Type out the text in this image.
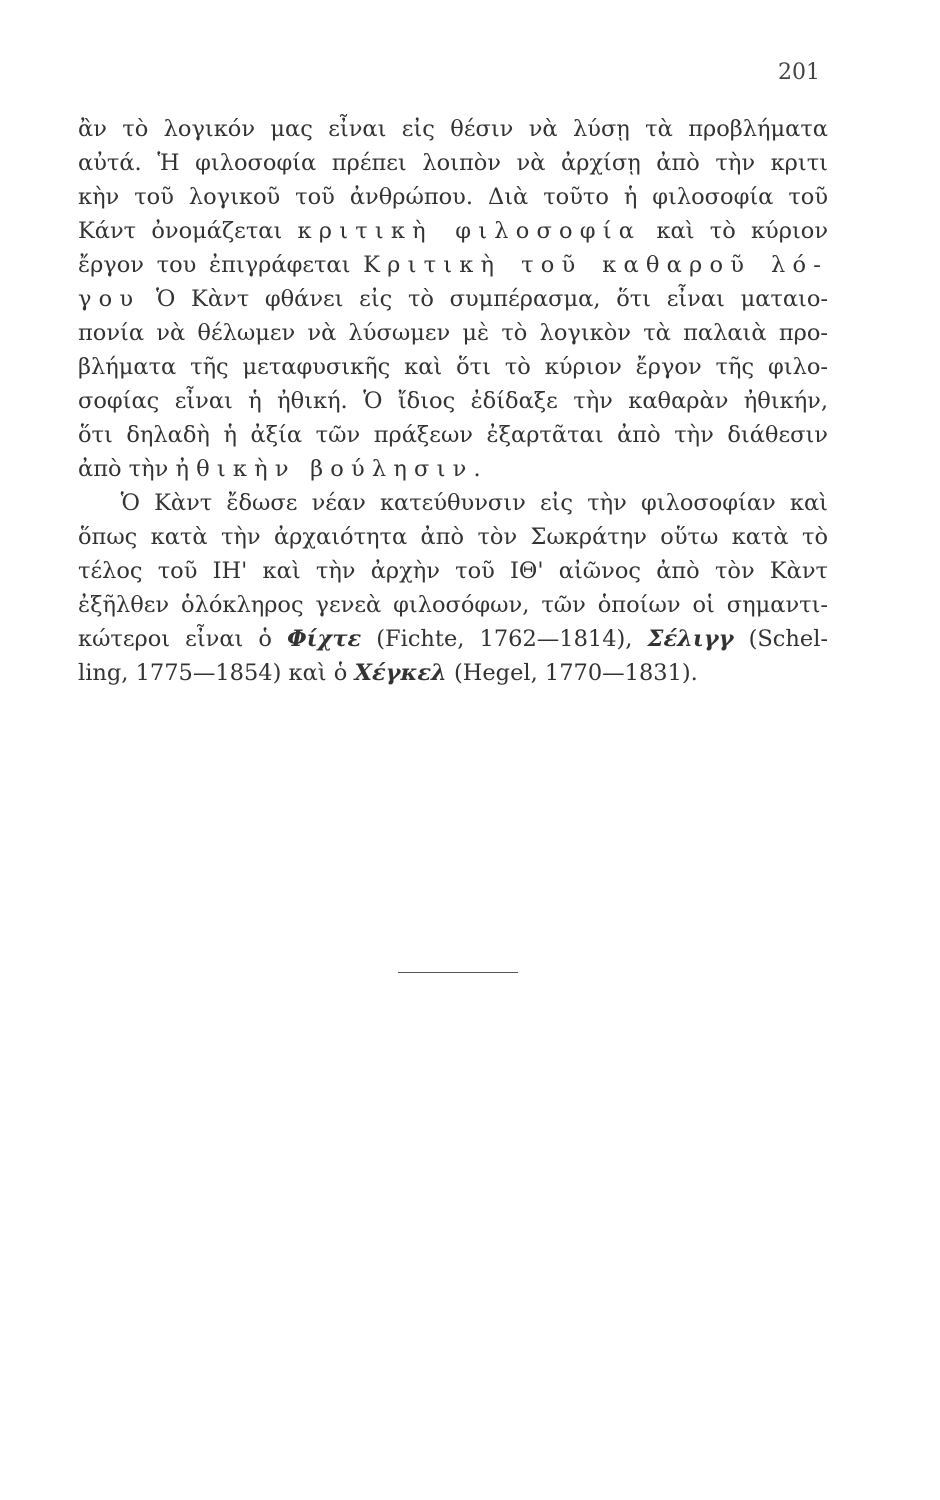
201
ἂν τὸ λογικόν μας εἶναι εἰς θέσιν νὰ λύσῃ τὰ προβλήματα
αὐτά. Ἡ φιλοσοφία πρέπει λοιπὸν νὰ ἀρχίσῃ ἀπὸ τὴν κριτι
κὴν τοῦ λογικοῦ τοῦ ἀνθρώπου. Διὰ τοῦτο ἡ φιλοσοφία τοῦ
Κάντ ὀνομάζεται κριτικὴ φιλοσοφία καὶ τὸ κύριον
ἔργον του ἐπιγράφεται Κριτικὴ τοῦ καθαροῦ λό-
γου Ὁ Κὰντ φθάνει εἰς τὸ συμπέρασμα, ὅτι εἶναι ματαιο-
πονία νὰ θέλωμεν νὰ λύσωμεν μὲ τὸ λογικὸν τὰ παλαιὰ προ-
βλήματα τῆς μεταφυσικῆς καὶ ὅτι τὸ κύριον ἔργον τῆς φιλο-
σοφίας εἶναι ἡ ἠθική. Ὁ ἴδιος ἐδίδαξε τὴν καθαρὰν ἠθικήν,
ὅτι δηλαδὴ ἡ ἀξία τῶν πράξεων ἐξαρτᾶται ἀπὸ τὴν διάθεσιν
ἀπὸ τὴν ἠθικὴν βούλησιν.
Ὁ Κὰντ ἔδωσε νέαν κατεύθυνσιν εἰς τὴν φιλοσοφίαν καὶ
ὅπως κατὰ τὴν ἀρχαιότητα ἀπὸ τὸν Σωκράτην οὕτω κατὰ τὸ
τέλος τοῦ ΙΗ' καὶ τὴν ἀρχὴν τοῦ ΙΘ' αἰῶνος ἀπὸ τὸν Κὰντ
ἐξῆλθεν ὁλόκληρος γενεὰ φιλοσόφων, τῶν ὁποίων οἱ σημαντι-
κώτεροι εἶναι ὁ Φίχτε (Fichte, 1762—1814), Σέλιγγ (Schel-
ling, 1775—1854) καὶ ὁ Χέγκελ (Hegel, 1770—1831).
